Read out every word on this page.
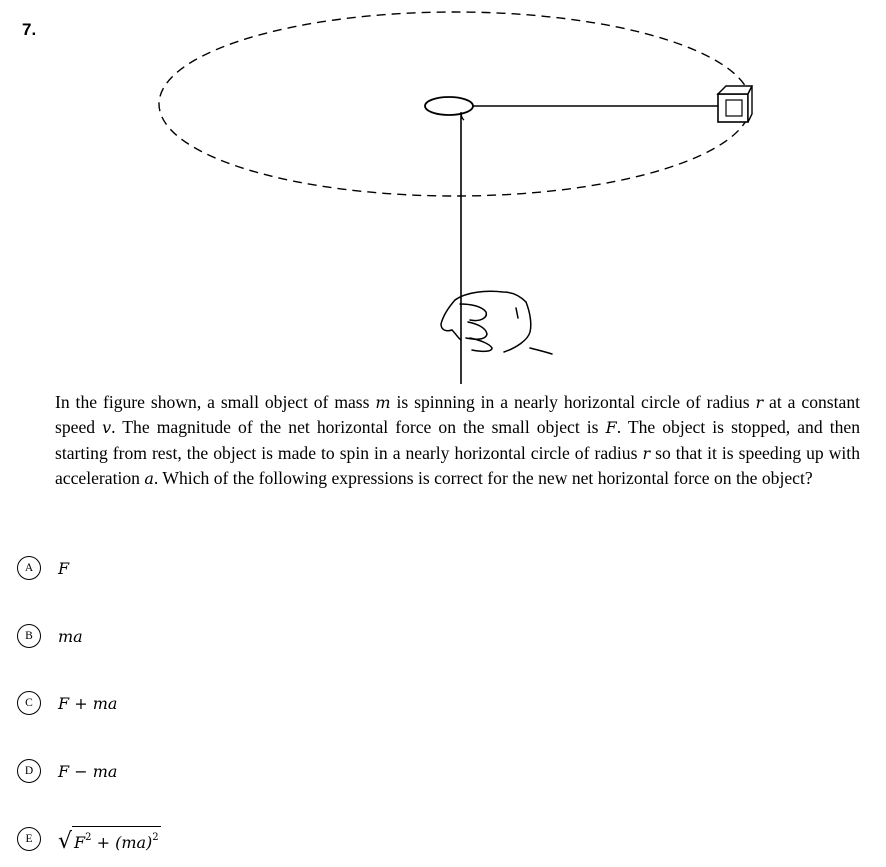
7.
In the figure shown, a small object of mass m is spinning in a nearly horizontal circle of radius r at a constant speed v. The magnitude of the net horizontal force on the small object is F. The object is stopped, and then starting from rest, the object is made to spin in a nearly horizontal circle of radius r so that it is speeding up with acceleration a. Which of the following expressions is correct for the new net horizontal force on the object?
A	F
B	ma
C	F + ma
D	F − ma
E	√ $F^2 + (ma)^2$
